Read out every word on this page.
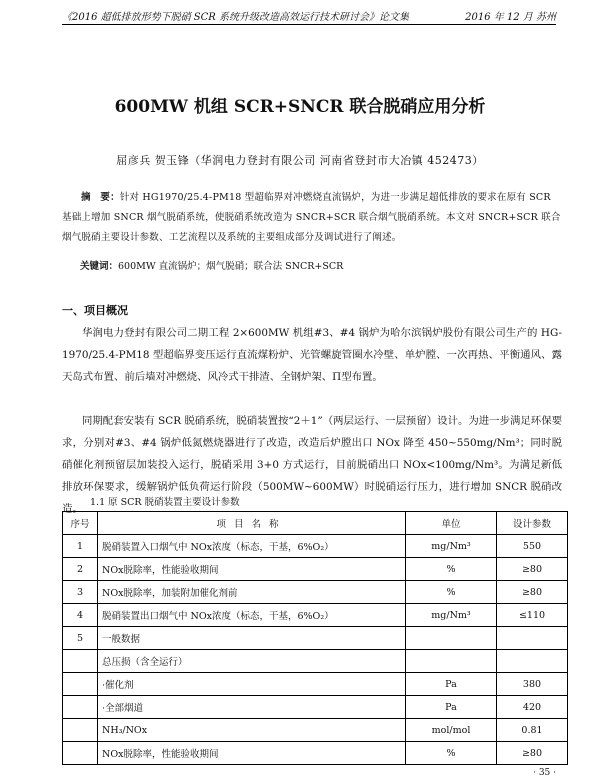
《2016 超低排放形势下脱硝 SCR 系统升级改造高效运行技术研讨会》论文集	2016 年 12 月 苏州
600MW 机组 SCR+SNCR 联合脱硝应用分析
屈彦兵 贺玉锋（华润电力登封有限公司 河南省登封市大冶镇 452473）
摘　要：针对 HG1970/25.4-PM18 型超临界对冲燃烧直流锅炉，为进一步满足超低排放的要求在原有 SCR 基础上增加 SNCR 烟气脱硝系统，使脱硝系统改造为 SNCR+SCR 联合烟气脱硝系统。本文对 SNCR+SCR 联合烟气脱硝主要设计参数、工艺流程以及系统的主要组成部分及调试进行了阐述。
关键词：600MW 直流锅炉；烟气脱硝；联合法 SNCR+SCR
一、项目概况
华润电力登封有限公司二期工程 2×600MW 机组#3、#4 锅炉为哈尔滨锅炉股份有限公司生产的 HG-1970/25.4-PM18 型超临界变压运行直流煤粉炉、光管螺旋管圈水冷壁、单炉膛、一次再热、平衡通风、露天岛式布置、前后墙对冲燃烧、风冷式干排渣、全钢炉架、Π型布置。
同期配套安装有 SCR 脱硝系统，脱硝装置按“2＋1”（两层运行、一层预留）设计。为进一步满足环保要求，分别对#3、#4 锅炉低氮燃烧器进行了改造，改造后炉膛出口 NOx 降至 450~550mg/Nm³；同时脱硝催化剂预留层加装投入运行，脱硝采用 3+0 方式运行，目前脱硝出口 NOx<100mg/Nm³。为满足新低排放环保要求，缓解锅炉低负荷运行阶段（500MW~600MW）时脱硝运行压力，进行增加 SNCR 脱硝改造。
1.1 原 SCR 脱硝装置主要设计参数
序号	项目名称	单位	设计参数
1	脱硝装置入口烟气中 NOx浓度（标态，干基，6%O₂）	mg/Nm³	550
2	NOx脱除率，性能验收期间	%	≥80
3	NOx脱除率，加装附加催化剂前	%	≥80
4	脱硝装置出口烟气中 NOx浓度（标态，干基，6%O₂）	mg/Nm³	≤110
5	一般数据		
	总压损（含全运行）		
	·催化剂	Pa	380
	·全部烟道	Pa	420
	NH₃/NOx	mol/mol	0.81
	NOx脱除率，性能验收期间	%	≥80
· 35 ·
